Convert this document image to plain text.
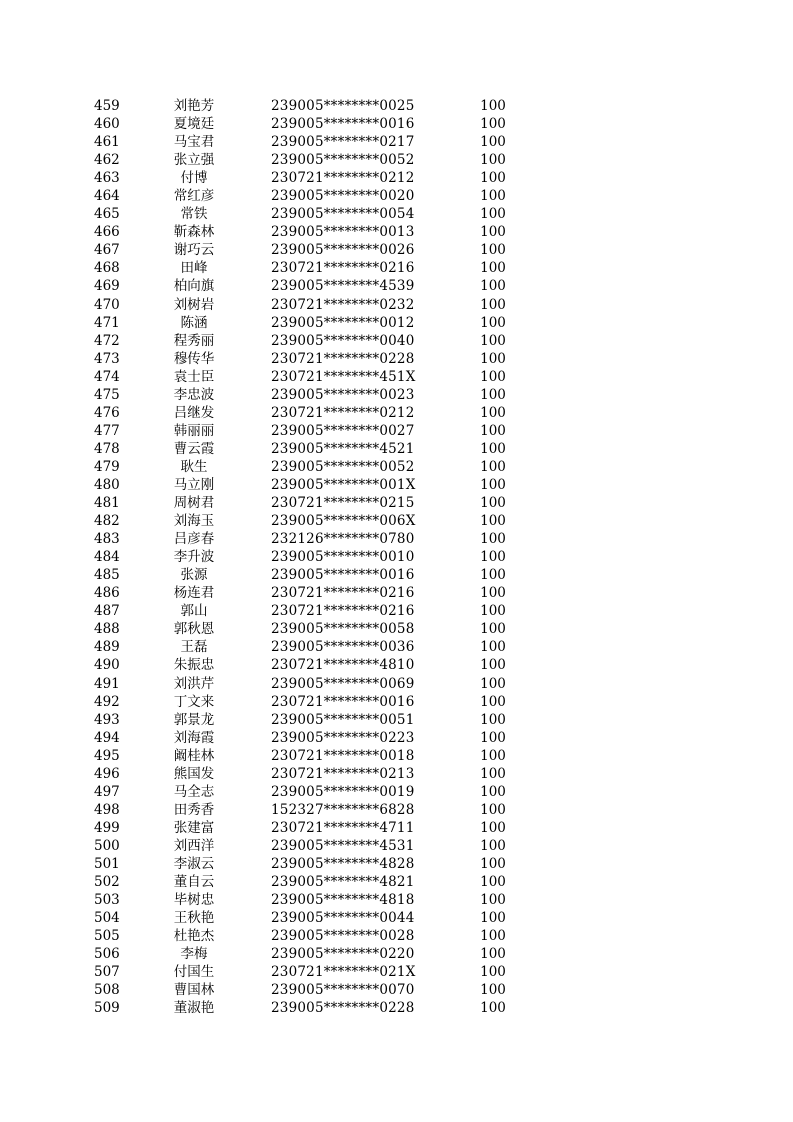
459	刘艳芳	239005********0025	100
460	夏境廷	239005********0016	100
461	马宝君	239005********0217	100
462	张立强	239005********0052	100
463	付博	230721********0212	100
464	常红彦	239005********0020	100
465	常铁	239005********0054	100
466	靳森林	239005********0013	100
467	谢巧云	239005********0026	100
468	田峰	230721********0216	100
469	柏向旗	239005********4539	100
470	刘树岩	230721********0232	100
471	陈涵	239005********0012	100
472	程秀丽	239005********0040	100
473	穆传华	230721********0228	100
474	袁士臣	230721********451X	100
475	李忠波	239005********0023	100
476	吕继发	230721********0212	100
477	韩丽丽	239005********0027	100
478	曹云霞	239005********4521	100
479	耿生	239005********0052	100
480	马立刚	239005********001X	100
481	周树君	230721********0215	100
482	刘海玉	239005********006X	100
483	吕彦春	232126********0780	100
484	李升波	239005********0010	100
485	张源	239005********0016	100
486	杨连君	230721********0216	100
487	郭山	230721********0216	100
488	郭秋恩	239005********0058	100
489	王磊	239005********0036	100
490	朱振忠	230721********4810	100
491	刘洪芹	239005********0069	100
492	丁文来	230721********0016	100
493	郭景龙	239005********0051	100
494	刘海霞	239005********0223	100
495	阚桂林	230721********0018	100
496	熊国发	230721********0213	100
497	马全志	239005********0019	100
498	田秀香	152327********6828	100
499	张建富	230721********4711	100
500	刘西洋	239005********4531	100
501	李淑云	239005********4828	100
502	董自云	239005********4821	100
503	毕树忠	239005********4818	100
504	王秋艳	239005********0044	100
505	杜艳杰	239005********0028	100
506	李梅	239005********0220	100
507	付国生	230721********021X	100
508	曹国林	239005********0070	100
509	董淑艳	239005********0228	100
